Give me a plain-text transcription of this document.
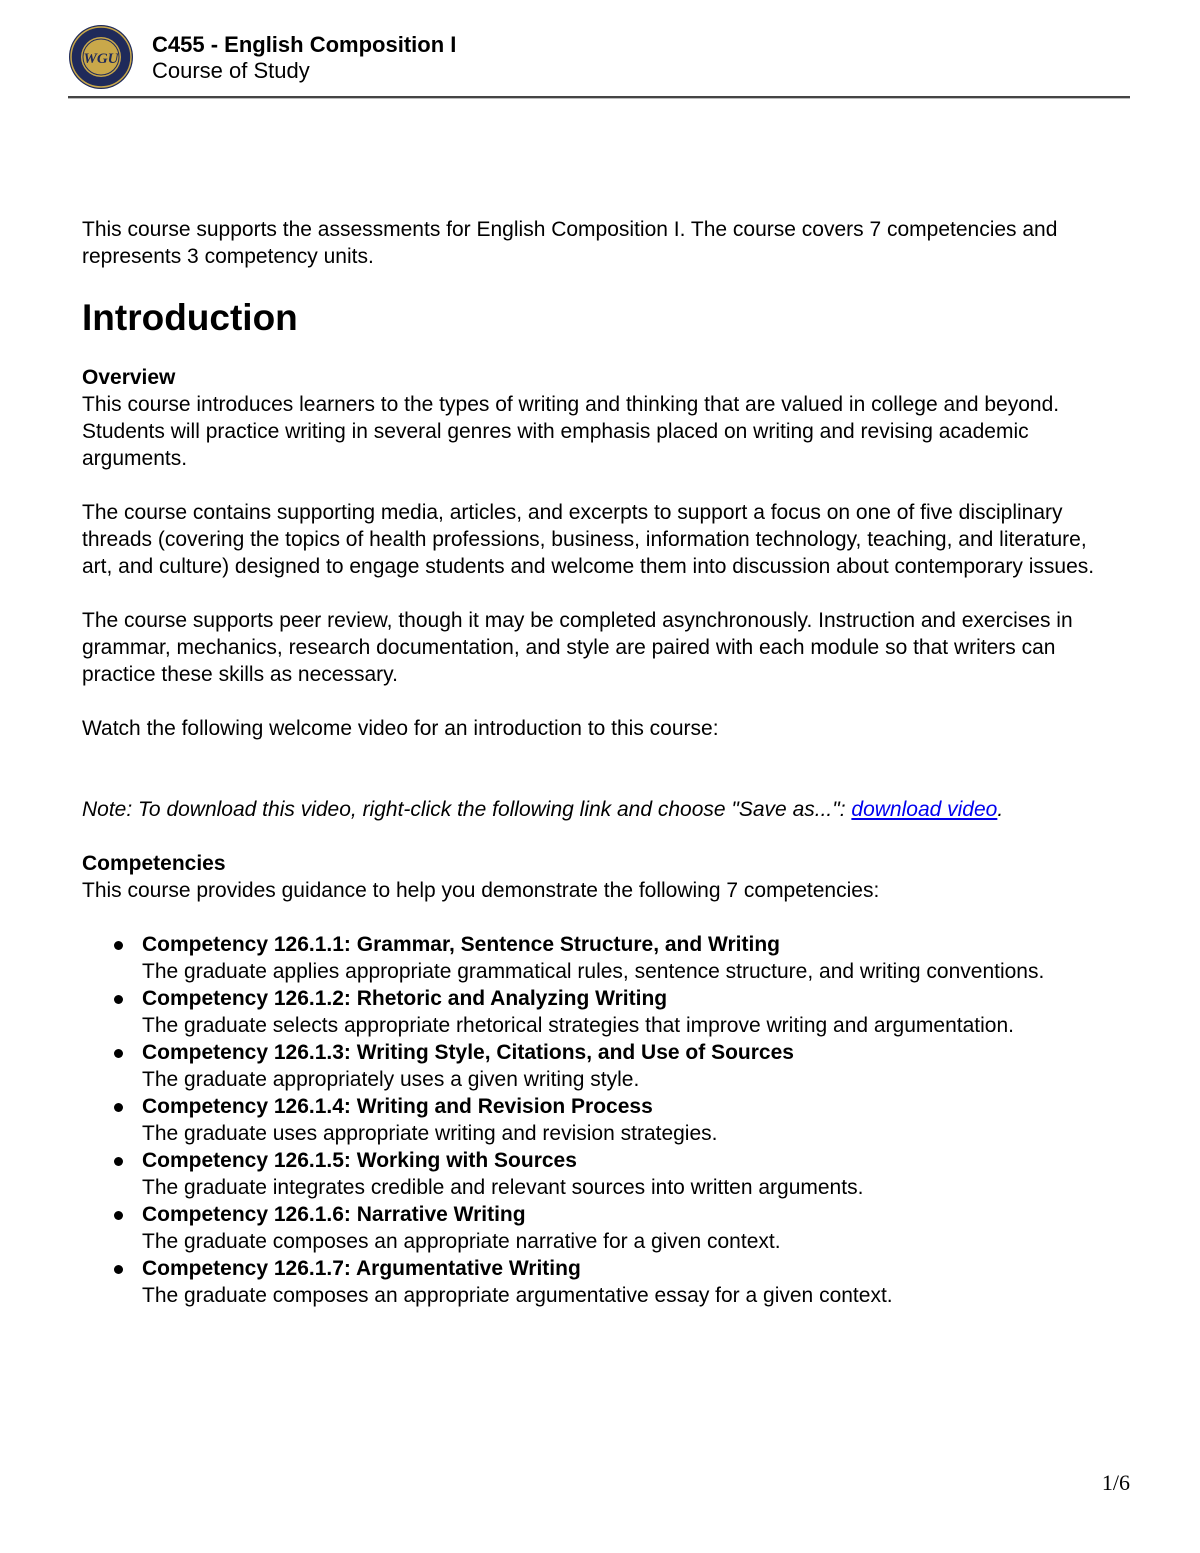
WGU
C455 - English Composition I
Course of Study

This course supports the assessments for English Composition I. The course covers 7 competencies and represents 3 competency units.

Introduction

Overview

This course introduces learners to the types of writing and thinking that are valued in college and beyond. Students will practice writing in several genres with emphasis placed on writing and revising academic arguments.

The course contains supporting media, articles, and excerpts to support a focus on one of five disciplinary threads (covering the topics of health professions, business, information technology, teaching, and literature, art, and culture) designed to engage students and welcome them into discussion about contemporary issues.

The course supports peer review, though it may be completed asynchronously. Instruction and exercises in grammar, mechanics, research documentation, and style are paired with each module so that writers can practice these skills as necessary.

Watch the following welcome video for an introduction to this course:

Note: To download this video, right-click the following link and choose "Save as...": download video.

Competencies

This course provides guidance to help you demonstrate the following 7 competencies:

Competency 126.1.1: Grammar, Sentence Structure, and Writing
The graduate applies appropriate grammatical rules, sentence structure, and writing conventions.
Competency 126.1.2: Rhetoric and Analyzing Writing
The graduate selects appropriate rhetorical strategies that improve writing and argumentation.
Competency 126.1.3: Writing Style, Citations, and Use of Sources
The graduate appropriately uses a given writing style.
Competency 126.1.4: Writing and Revision Process
The graduate uses appropriate writing and revision strategies.
Competency 126.1.5: Working with Sources
The graduate integrates credible and relevant sources into written arguments.
Competency 126.1.6: Narrative Writing
The graduate composes an appropriate narrative for a given context.
Competency 126.1.7: Argumentative Writing
The graduate composes an appropriate argumentative essay for a given context.
1/6
